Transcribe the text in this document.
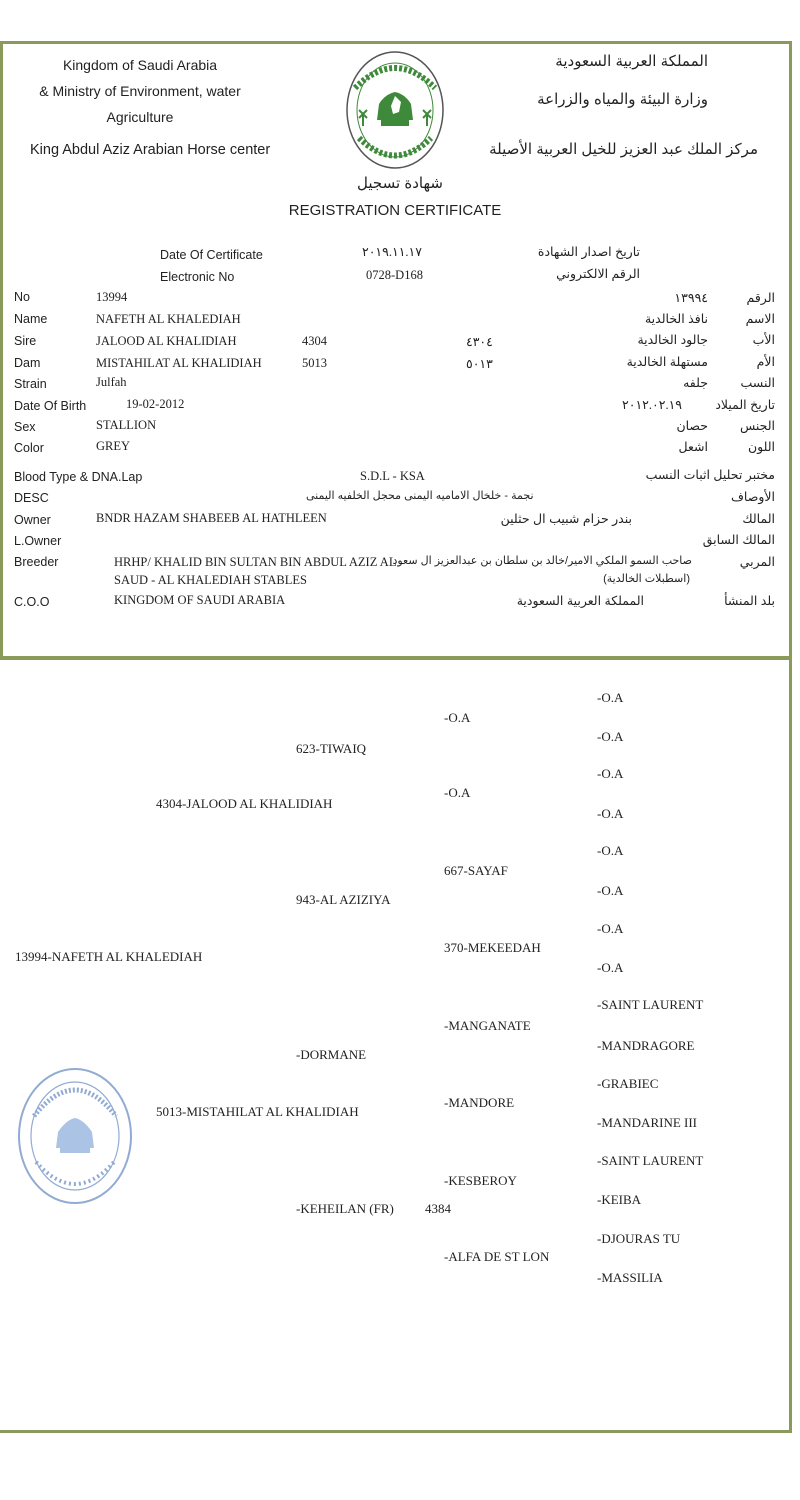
Kingdom of Saudi Arabia
& Ministry of Environment, water
Agriculture
King Abdul Aziz Arabian Horse center
المملكة العربية السعودية
وزارة البيئة والمياه والزراعة
مركز الملك عبد العزيز للخيل العربية الأصيلة
شهادة تسجيل
REGISTRATION CERTIFICATE
Date Of Certificate	٢٠١٩.١١.١٧	تاريخ اصدار الشهادة
Electronic No	0728-D168	الرقم الالكتروني
No	13994	١٣٩٩٤	الرقم
Name	NAFETH AL KHALEDIAH	نافذ الخالدية	الاسم
Sire	JALOOD AL KHALIDIAH	4304	٤٣٠٤	جالود الخالدية	الأب
Dam	MISTAHILAT AL KHALIDIAH	5013	٥٠١٣	مستهلة الخالدية	الأم
Strain	Julfah	جلفه	النسب
Date Of Birth	19-02-2012	٢٠١٢.٠٢.١٩	تاريخ الميلاد
Sex	STALLION	حصان	الجنس
Color	GREY	اشعل	اللون
Blood Type & DNA.Lap	S.D.L - KSA	مختبر تحليل اثبات النسب
DESC	نجمة - خلخال الاماميه اليمنى محجل الخلفيه اليمنى	الأوصاف
Owner	BNDR HAZAM SHABEEB AL HATHLEEN	بندر حزام شبيب ال حثلين	المالك
L.Owner	المالك السابق
Breeder	HRHP/ KHALID BIN SULTAN BIN ABDUL AZIZ AL
SAUD - AL KHALEDIAH STABLES
صاحب السمو الملكي الامير/خالد بن سلطان بن عبدالعزيز ال سعود
(اسطبلات الخالدية)
المربي
C.O.O	KINGDOM OF SAUDI ARABIA	المملكة العربية السعودية	بلد المنشأ
13994-NAFETH AL KHALEDIAH
4304-JALOOD AL KHALIDIAH
5013-MISTAHILAT AL KHALIDIAH
623-TIWAIQ
943-AL AZIZIYA
-DORMANE
-KEHEILAN (FR) 4384
-O.A
-O.A
667-SAYAF
370-MEKEEDAH
-MANGANATE
-MANDORE
-KESBEROY
-ALFA DE ST LON
-O.A
-O.A
-O.A
-O.A
-O.A
-O.A
-O.A
-O.A
-SAINT LAURENT
-MANDRAGORE
-GRABIEC
-MANDARINE III
-SAINT LAURENT
-KEIBA
-DJOURAS TU
-MASSILIA
